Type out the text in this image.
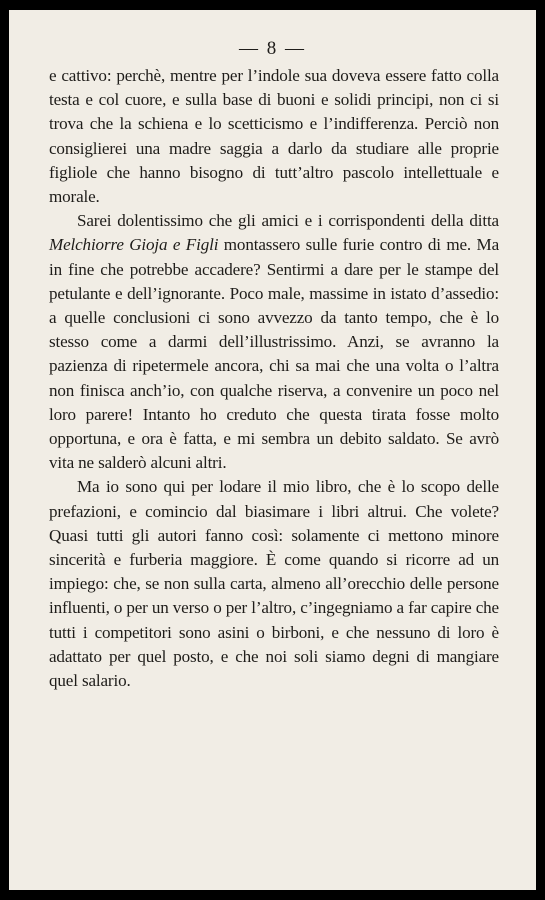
— 8 —

e cattivo: perchè, mentre per l’indole sua doveva essere fatto colla testa e col cuore, e sulla base di buoni e solidi principi, non ci si trova che la schiena e lo scetticismo e l’indifferenza. Perciò non consiglierei una madre saggia a darlo da studiare alle proprie figliole che hanno bisogno di tutt’altro pascolo intellettuale e morale.

Sarei dolentissimo che gli amici e i corrispondenti della ditta Melchiorre Gioja e Figli montassero sulle furie contro di me. Ma in fine che potrebbe accadere? Sentirmi a dare per le stampe del petulante e dell’ignorante. Poco male, massime in istato d’assedio: a quelle conclusioni ci sono avvezzo da tanto tempo, che è lo stesso come a darmi dell’illustrissimo. Anzi, se avranno la pazienza di ripetermele ancora, chi sa mai che una volta o l’altra non finisca anch’io, con qualche riserva, a convenire un poco nel loro parere! Intanto ho creduto che questa tirata fosse molto opportuna, e ora è fatta, e mi sembra un debito saldato. Se avrò vita ne salderò alcuni altri.

Ma io sono qui per lodare il mio libro, che è lo scopo delle prefazioni, e comincio dal biasimare i libri altrui. Che volete? Quasi tutti gli autori fanno così: solamente ci mettono minore sincerità e furberia maggiore. È come quando si ricorre ad un impiego: che, se non sulla carta, almeno all’orecchio delle persone influenti, o per un verso o per l’altro, c’ingegniamo a far capire che tutti i competitori sono asini o birboni, e che nessuno di loro è adattato per quel posto, e che noi soli siamo degni di mangiare quel salario.
